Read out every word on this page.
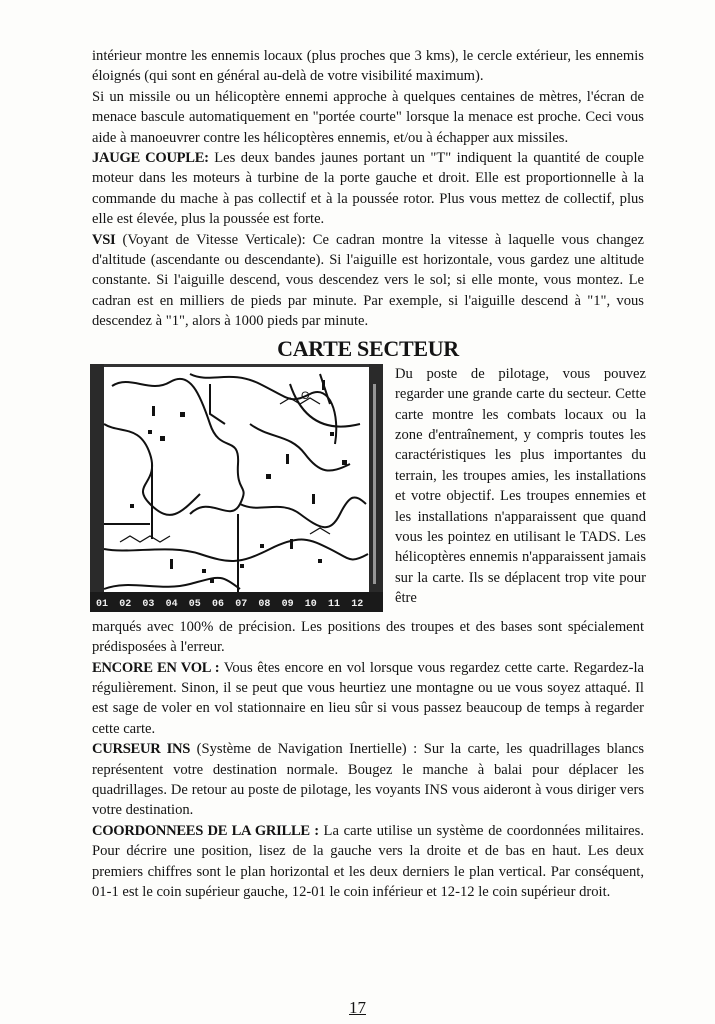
intérieur montre les ennemis locaux (plus proches que 3 kms), le cercle extérieur, les ennemis éloignés (qui sont en général au-delà de votre visibilité maximum).

Si un missile ou un hélicoptère ennemi approche à quelques centaines de mètres, l'écran de menace bascule automatiquement en "portée courte" lorsque la menace est proche. Ceci vous aide à manoeuvrer contre les hélicoptères ennemis, et/ou à échapper aux missiles.

JAUGE COUPLE: Les deux bandes jaunes portant un "T" indiquent la quantité de couple moteur dans les moteurs à turbine de la porte gauche et droit. Elle est proportionnelle à la commande du mache à pas collectif et à la poussée rotor. Plus vous mettez de collectif, plus elle est élevée, plus la poussée est forte.

VSI (Voyant de Vitesse Verticale): Ce cadran montre la vitesse à laquelle vous changez d'altitude (ascendante ou descendante). Si l'aiguille est horizontale, vous gardez une altitude constante. Si l'aiguille descend, vous descendez vers le sol; si elle monte, vous montez. Le cadran est en milliers de pieds par minute. Par exemple, si l'aiguille descend à "1", vous descendez à "1", alors à 1000 pieds par minute.

CARTE SECTEUR
O
01 02 03 04 05 06 07 08 09 10 11 12

Du poste de pilotage, vous pouvez regarder une grande carte du secteur. Cette carte montre les combats locaux ou la zone d'entraînement, y compris toutes les caractéristiques les plus importantes du terrain, les troupes amies, les installations et votre objectif. Les troupes ennemies et les installations n'apparaissent que quand vous les pointez en utilisant le TADS. Les hélicoptères ennemis n'apparaissent jamais sur la carte. Ils se déplacent trop vite pour être

marqués avec 100% de précision. Les positions des troupes et des bases sont spécialement prédisposées à l'erreur.

ENCORE EN VOL : Vous êtes encore en vol lorsque vous regardez cette carte. Regardez-la régulièrement. Sinon, il se peut que vous heurtiez une montagne ou ue vous soyez attaqué. Il est sage de voler en vol stationnaire en lieu sûr si vous passez beaucoup de temps à regarder cette carte.

CURSEUR INS (Système de Navigation Inertielle) : Sur la carte, les quadrillages blancs représentent votre destination normale. Bougez le manche à balai pour déplacer les quadrillages. De retour au poste de pilotage, les voyants INS vous aideront à vous diriger vers votre destination.

COORDONNEES DE LA GRILLE : La carte utilise un système de coordonnées militaires. Pour décrire une position, lisez de la gauche vers la droite et de bas en haut. Les deux premiers chiffres sont le plan horizontal et les deux derniers le plan vertical. Par conséquent, 01-1 est le coin supérieur gauche, 12-01 le coin inférieur et 12-12 le coin supérieur droit.

17
